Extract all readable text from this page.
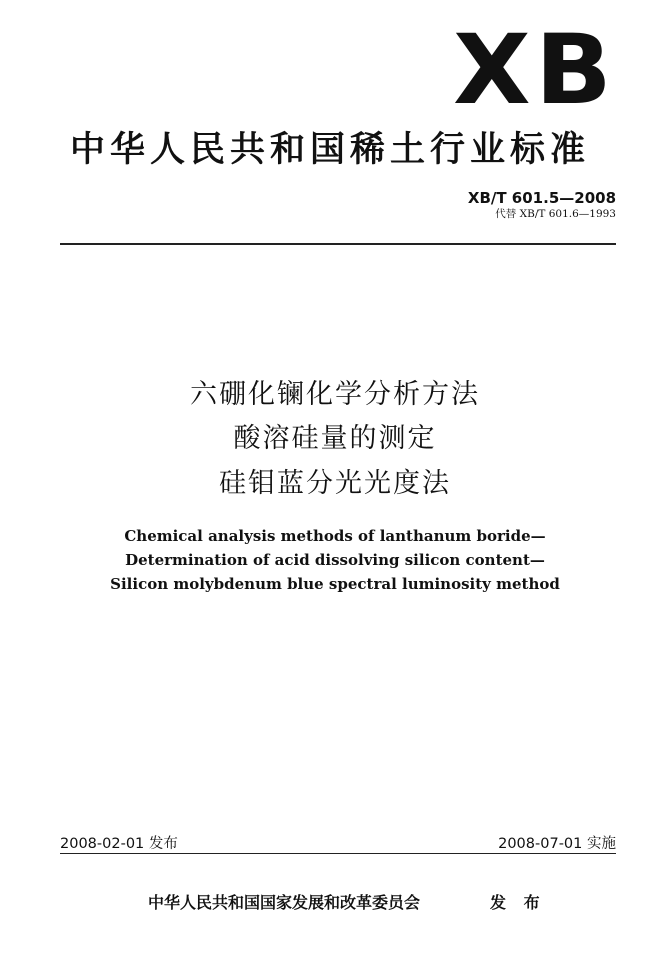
XB
中华人民共和国稀土行业标准
XB/T 601.5—2008
代替 XB/T 601.6—1993
六硼化镧化学分析方法
酸溶硅量的测定
硅钼蓝分光光度法
Chemical analysis methods of lanthanum boride—
Determination of acid dissolving silicon content—
Silicon molybdenum blue spectral luminosity method
2008-02-01 发布	2008-07-01 实施
中华人民共和国国家发展和改革委员会	发 布
